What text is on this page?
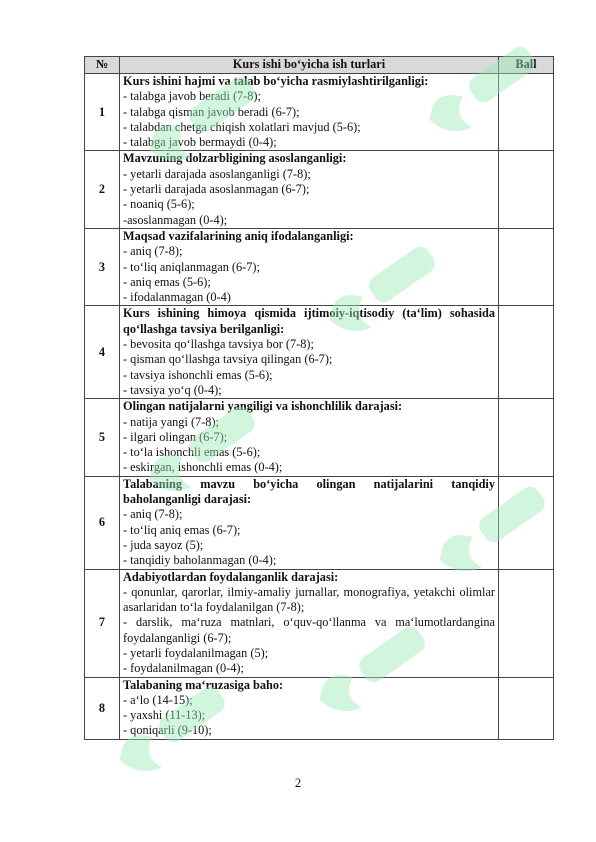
№	Kurs ishi bo‘yicha ish turlari	Ball
1	Kurs ishini hajmi va talab bo‘yicha rasmiylashtirilganligi:
- talabga javob beradi (7-8);
- talabga qisman javob beradi (6-7);
- talabdan chetga chiqish xolatlari mavjud (5-6);
- talabga javob bermaydi (0-4);	

2	Mavzuning dolzarbligining asoslanganligi:
- yetarli darajada asoslanganligi (7-8);
- yetarli darajada asoslanmagan (6-7);
- noaniq (5-6);
-asoslanmagan (0-4);	

3	Maqsad vazifalarining aniq ifodalanganligi:
- aniq (7-8);
- to‘liq aniqlanmagan (6-7);
- aniq emas (5-6);
- ifodalanmagan (0-4)	

4	Kurs ishining himoya qismida ijtimoiy-iqtisodiy (ta‘lim) sohasida qo‘llashga tavsiya berilganligi:
- bevosita qo‘llashga tavsiya bor (7-8);
- qisman qo‘llashga tavsiya qilingan (6-7);
- tavsiya ishonchli emas (5-6);
- tavsiya yo‘q (0-4);	

5	Olingan natijalarni yangiligi va ishonchlilik darajasi:
- natija yangi (7-8);
- ilgari olingan (6-7);
- to‘la ishonchli emas (5-6);
- eskirgan, ishonchli emas (0-4);	

6	Talabaning mavzu bo‘yicha olingan natijalarini tanqidiy baholanganligi darajasi:
- aniq (7-8);
- to‘liq aniq emas (6-7);
- juda sayoz (5);
- tanqidiy baholanmagan (0-4);	

7	Adabiyotlardan foydalanganlik darajasi:
- qonunlar, qarorlar, ilmiy-amaliy jurnallar, monografiya, yetakchi olimlar asarlaridan to‘la foydalanilgan (7-8);
- darslik, ma‘ruza matnlari, o‘quv-qo‘llanma va ma‘lumotlardangina foydalanganligi (6-7);
- yetarli foydalanilmagan (5);
- foydalanilmagan (0-4);	

8	Talabaning ma‘ruzasiga baho:
- a‘lo (14-15);
- yaxshi (11-13);
- qoniqarli (9-10);	

2
